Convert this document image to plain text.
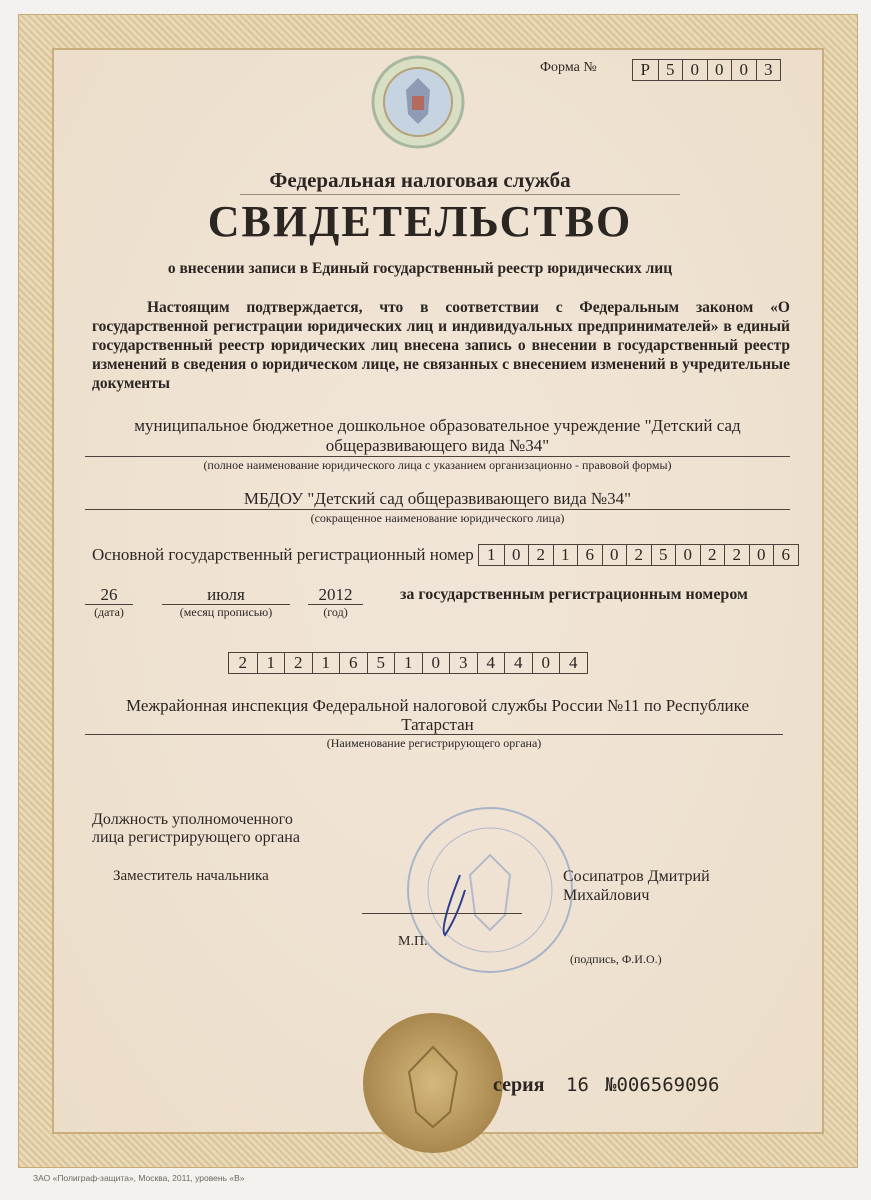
Форма №	Р 5 0 0 0 3
Федеральная налоговая служба
СВИДЕТЕЛЬСТВО
о внесении записи в Единый государственный реестр юридических лиц
Настоящим подтверждается, что в соответствии с Федеральным законом «О государственной регистрации юридических лиц и индивидуальных предпринимателей» в единый государственный реестр юридических лиц внесена запись о внесении в государственный реестр изменений в сведения о юридическом лице, не связанных с внесением изменений в учредительные документы
муниципальное бюджетное дошкольное образовательное учреждение "Детский сад
общеразвивающего вида №34"
(полное наименование юридического лица с указанием организационно - правовой формы)
МБДОУ "Детский сад общеразвивающего вида №34"
(сокращенное наименование юридического лица)
Основной государственный регистрационный номер 1 0 2 1 6 0 2 5 0 2 2 0 6
26
(дата)
июля
(месяц прописью)
2012
(год)
за государственным регистрационным номером
2	1	2	1	6	5	1	0	3	4	4	0	4
Межрайонная инспекция Федеральной налоговой службы России №11 по Республике
Татарстан
(Наименование регистрирующего органа)
Должность уполномоченного
лица регистрирующего органа
Заместитель начальника	Сосипатров Дмитрий
Михайлович
М.П.
(подпись, Ф.И.О.)
серия 16 №006569096
ЗАО «Полиграф-защита», Москва, 2011, уровень «В»
